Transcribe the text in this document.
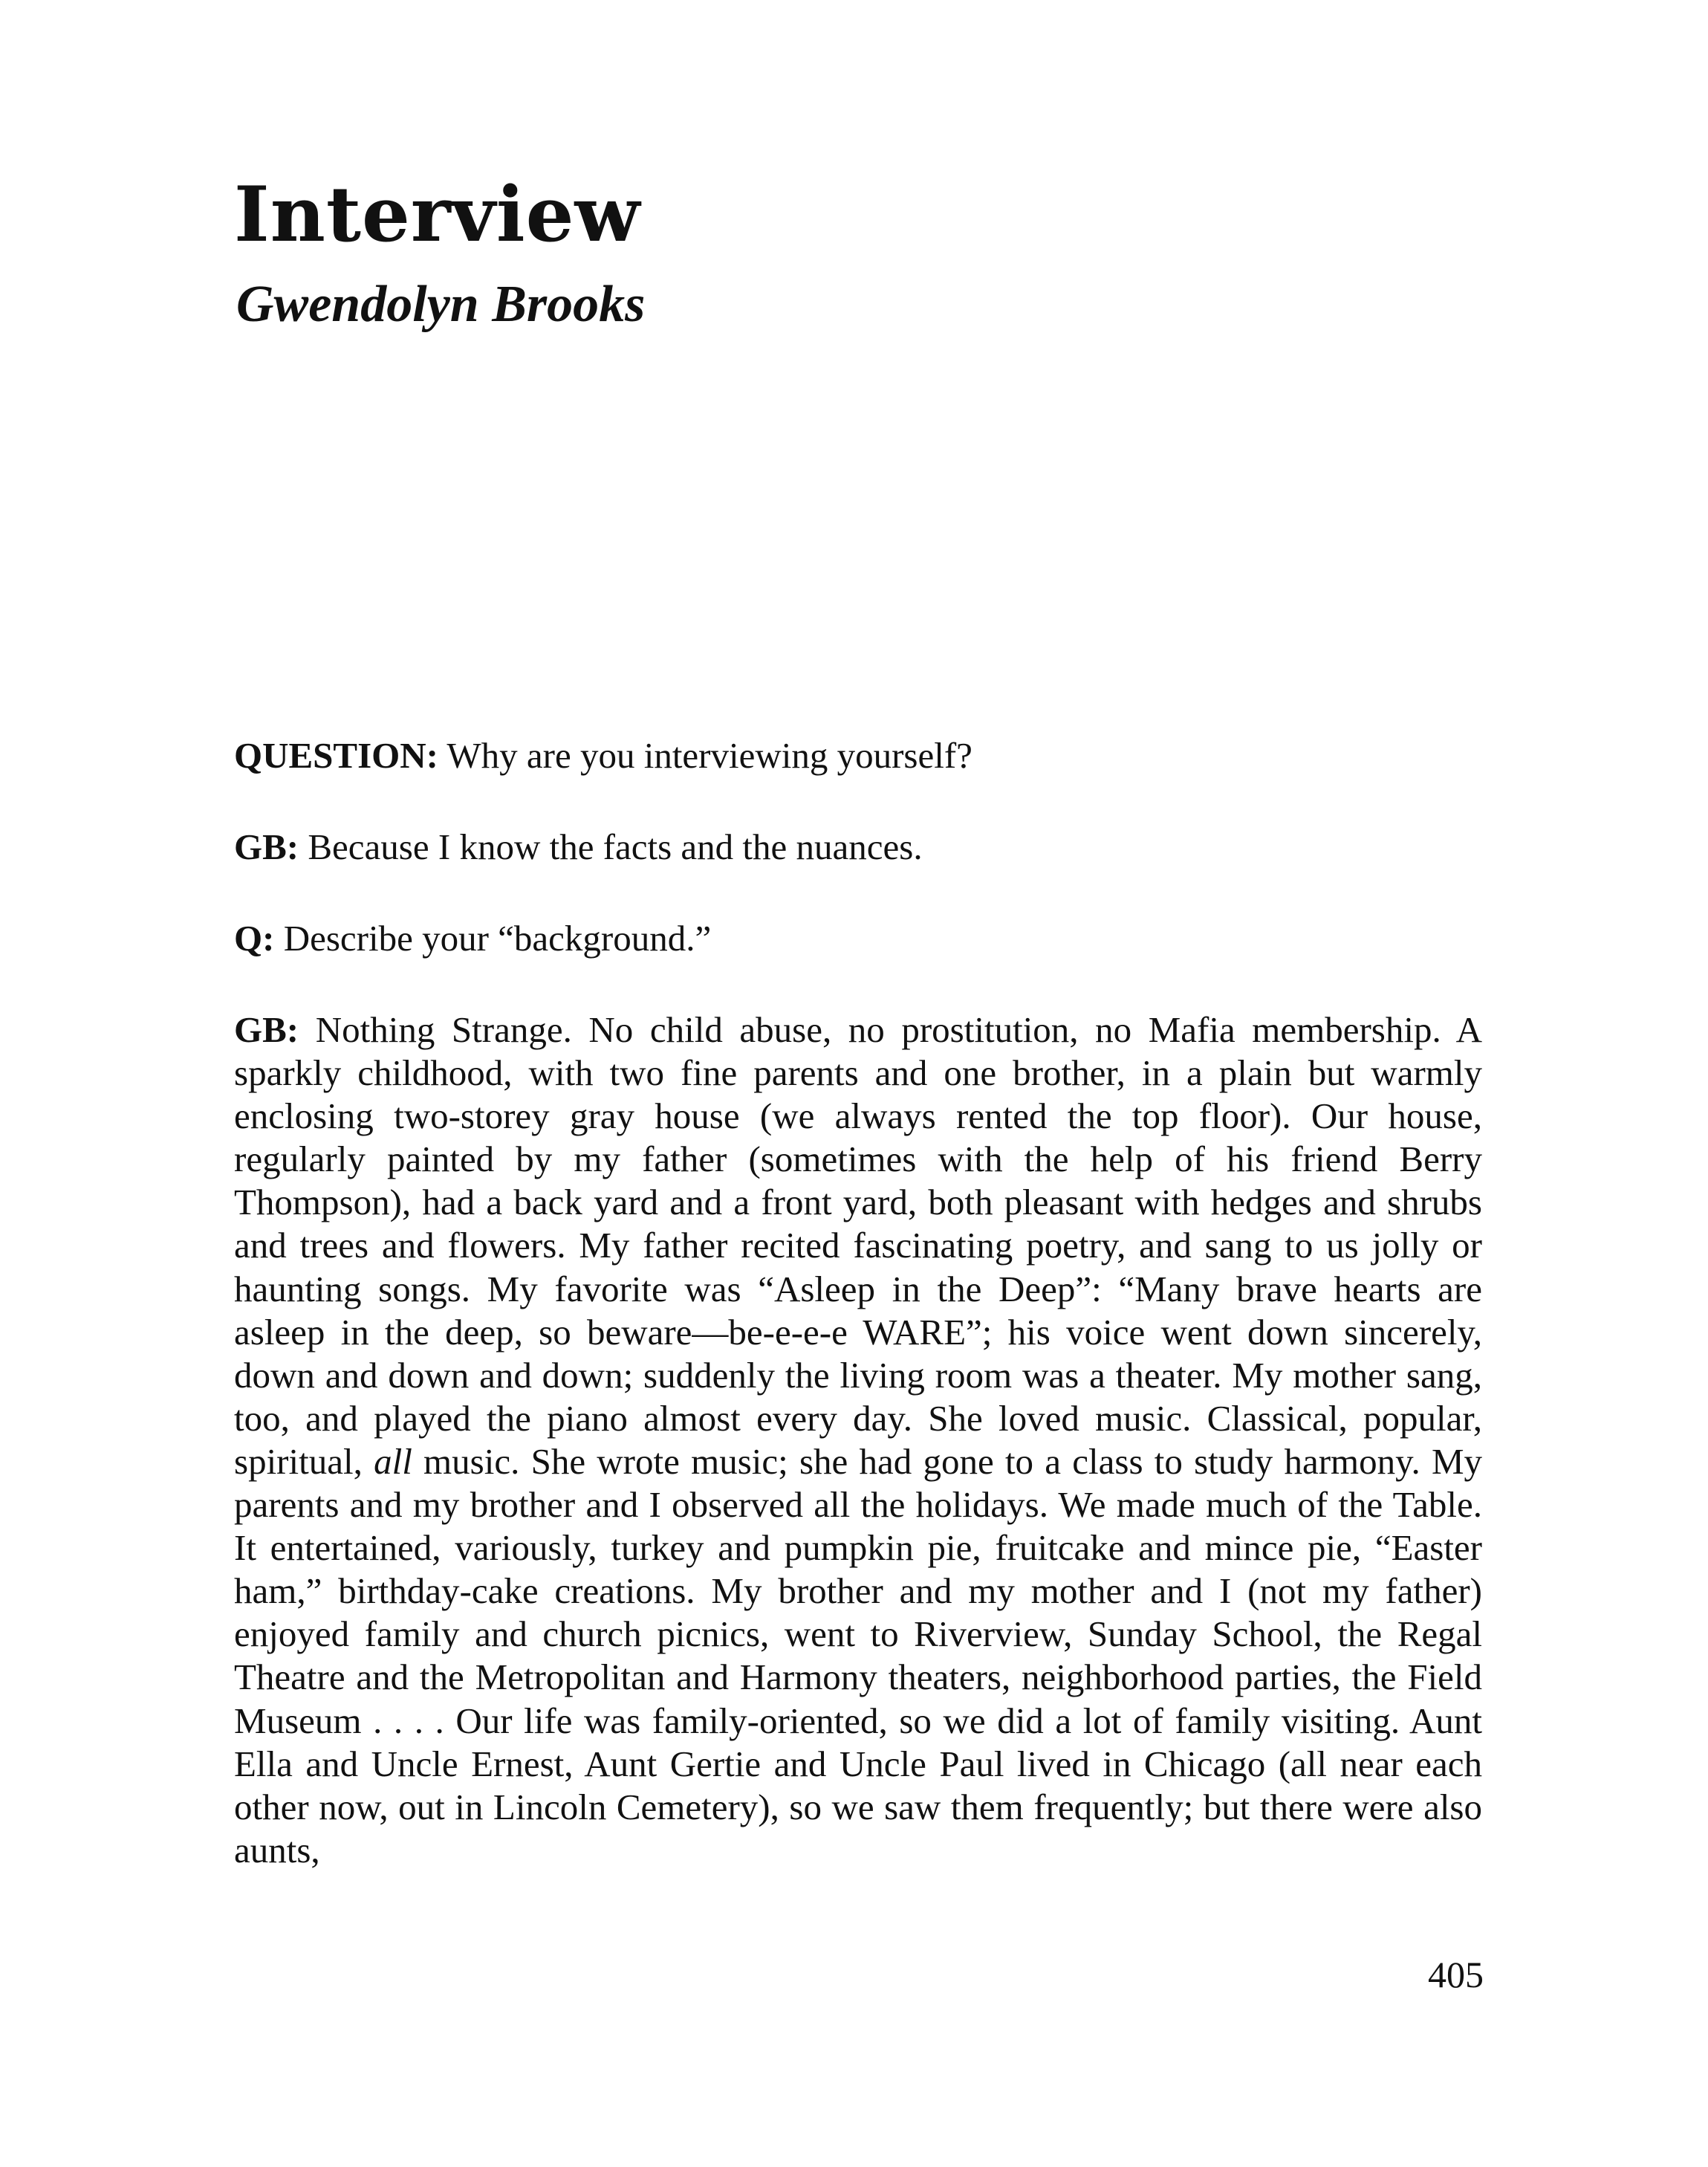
Interview
Gwendolyn Brooks

QUESTION: Why are you interviewing yourself?

GB: Because I know the facts and the nuances.

Q: Describe your “background.”

GB: Nothing Strange. No child abuse, no prostitution, no Mafia membership. A sparkly childhood, with two fine parents and one brother, in a plain but warmly enclosing two-storey gray house (we always rented the top floor). Our house, regularly painted by my father (sometimes with the help of his friend Berry Thompson), had a back yard and a front yard, both pleasant with hedges and shrubs and trees and flowers. My father recited fascinating poetry, and sang to us jolly or haunting songs. My favorite was “Asleep in the Deep”: “Many brave hearts are asleep in the deep, so beware—be-e-e-e WARE”; his voice went down sincerely, down and down and down; suddenly the living room was a theater. My mother sang, too, and played the piano almost every day. She loved music. Classical, popular, spiritual, all music. She wrote music; she had gone to a class to study harmony. My parents and my brother and I observed all the holidays. We made much of the Table. It entertained, variously, turkey and pumpkin pie, fruitcake and mince pie, “Easter ham,” birthday-cake creations. My brother and my mother and I (not my father) enjoyed family and church picnics, went to Riverview, Sunday School, the Regal Theatre and the Metropolitan and Harmony theaters, neighborhood parties, the Field Museum . . . . Our life was family-oriented, so we did a lot of family visiting. Aunt Ella and Uncle Ernest, Aunt Gertie and Uncle Paul lived in Chicago (all near each other now, out in Lincoln Cemetery), so we saw them frequently; but there were also aunts,

405
